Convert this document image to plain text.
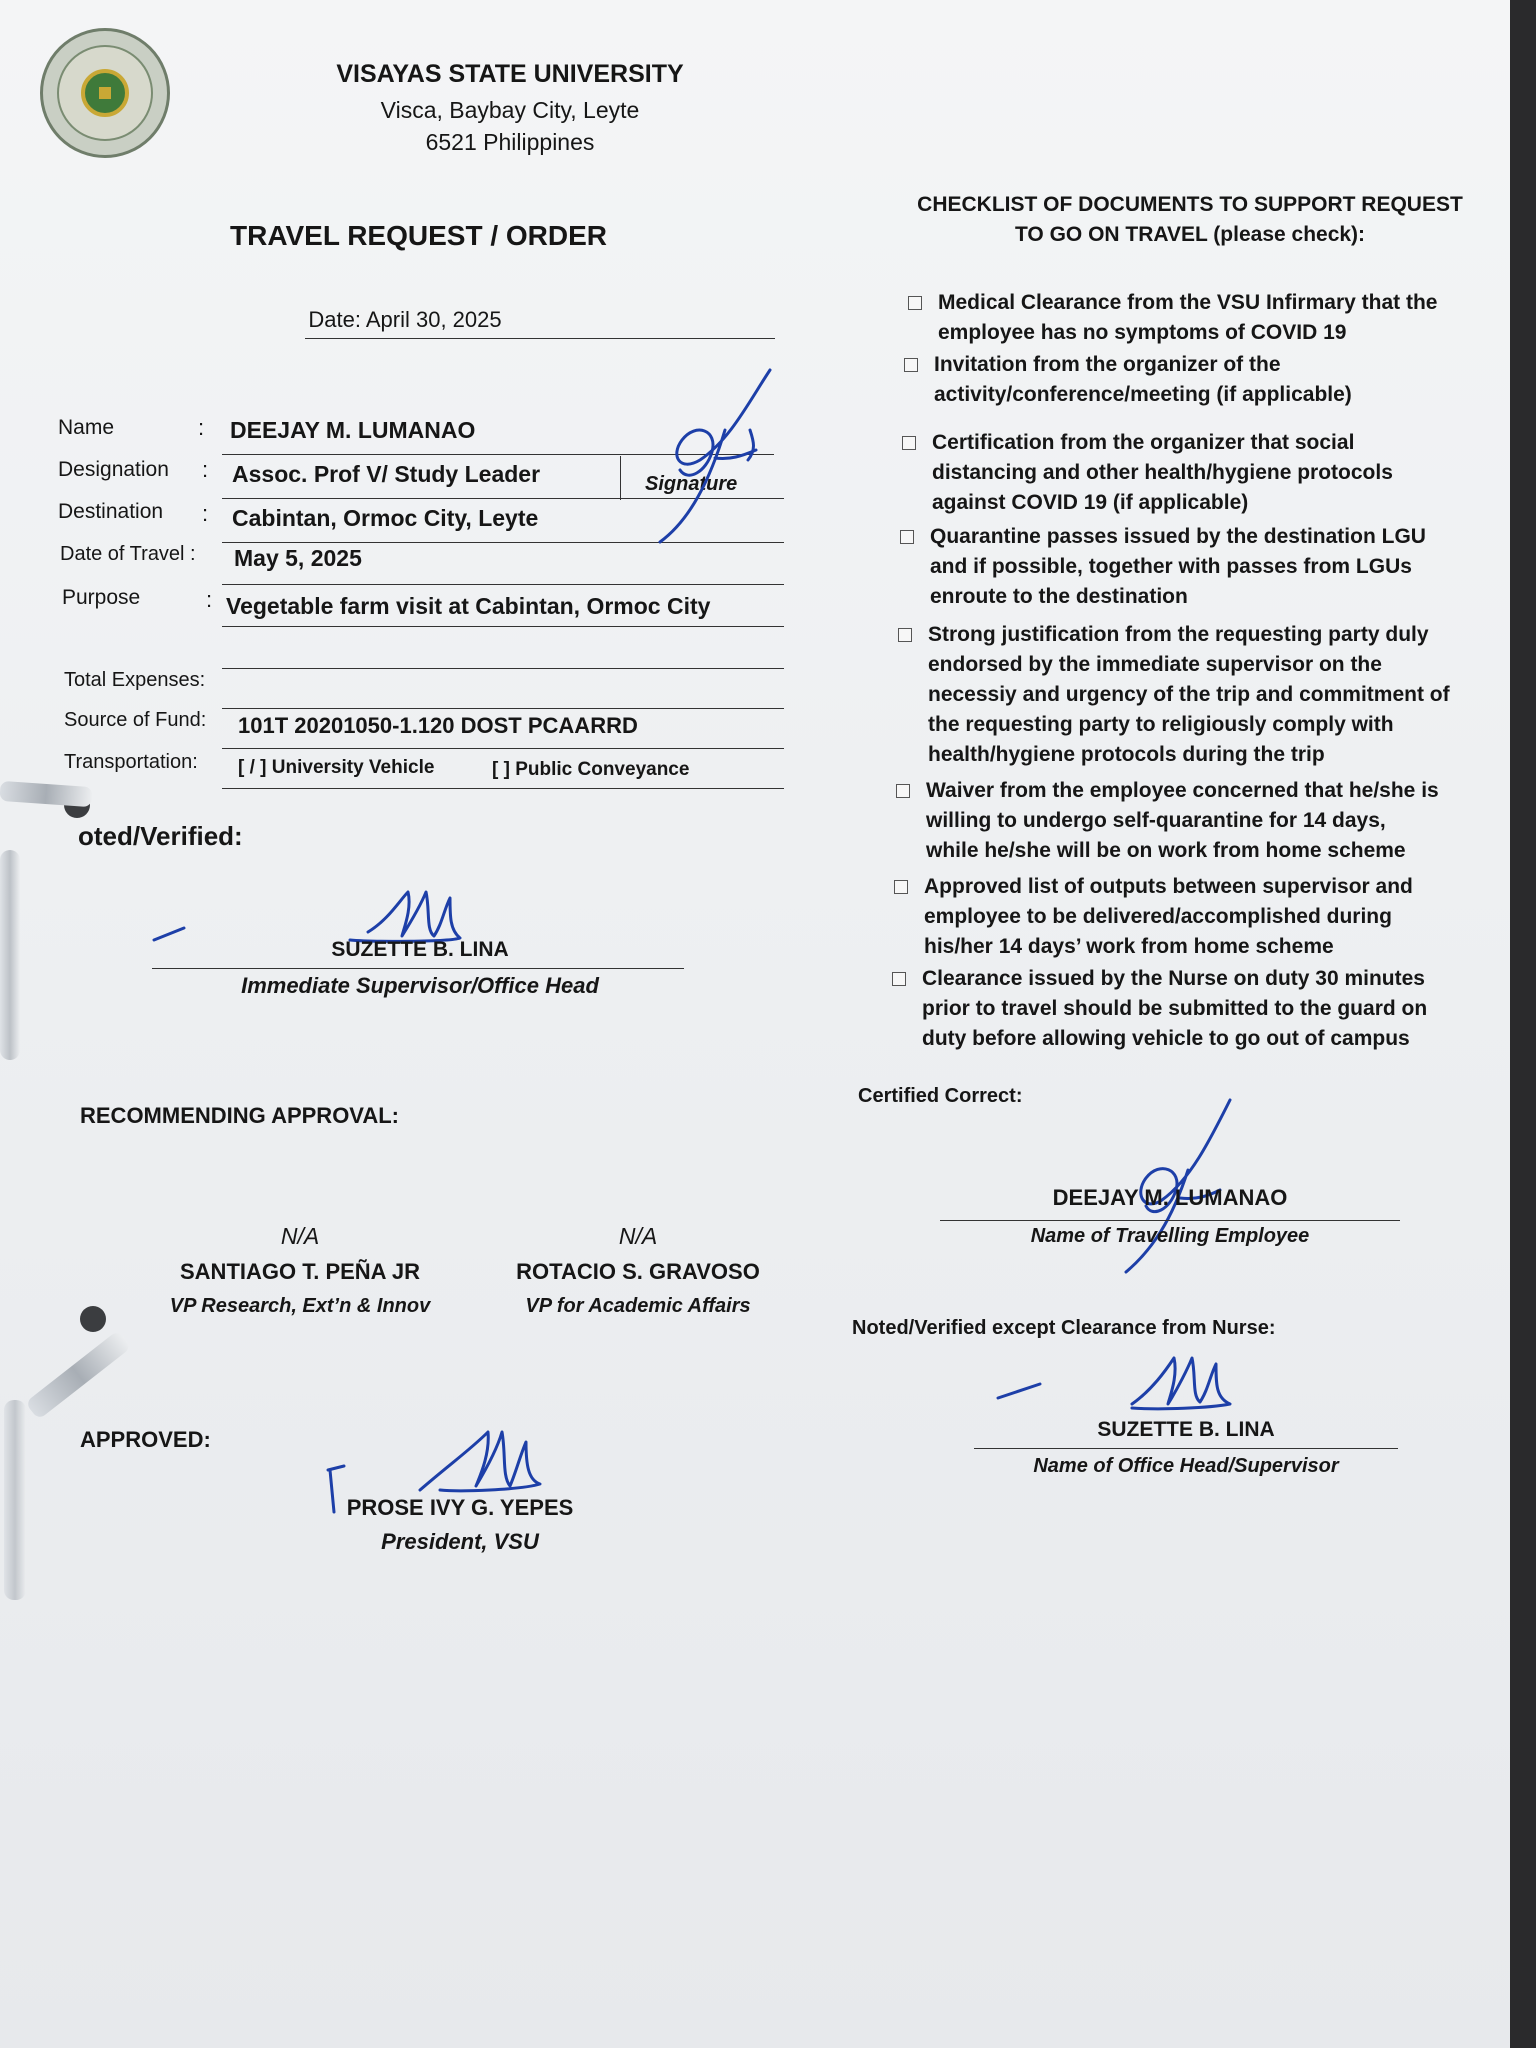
VISAYAS STATE UNIVERSITY
Visca, Baybay City, Leyte
6521 Philippines
TRAVEL REQUEST / ORDER
Date: April 30, 2025
Name	: DEEJAY M. LUMANAO
Designation : Assoc. Prof V/ Study Leader	Signature
Destination : Cabintan, Ormoc City, Leyte
Date of Travel : May 5, 2025
Purpose	: Vegetable farm visit at Cabintan, Ormoc City
Total Expenses:
Source of Fund: 101T 20201050-1.120 DOST PCAARRD
Transportation: [ / ] University Vehicle	[ ] Public Conveyance
oted/Verified:
SUZETTE B. LINA
Immediate Supervisor/Office Head
RECOMMENDING APPROVAL:
N/A
SANTIAGO T. PEÑA JR
VP Research, Ext’n & Innov
N/A
ROTACIO S. GRAVOSO
VP for Academic Affairs
APPROVED:
PROSE IVY G. YEPES
President, VSU
CHECKLIST OF DOCUMENTS TO SUPPORT REQUEST
TO GO ON TRAVEL (please check):
Medical Clearance from the VSU Infirmary that the
employee has no symptoms of COVID 19
Invitation from the organizer of the
activity/conference/meeting (if applicable)
Certification from the organizer that social
distancing and other health/hygiene protocols
against COVID 19 (if applicable)
Quarantine passes issued by the destination LGU
and if possible, together with passes from LGUs
enroute to the destination
Strong justification from the requesting party duly
endorsed by the immediate supervisor on the
necessiy and urgency of the trip and commitment of
the requesting party to religiously comply with
health/hygiene protocols during the trip
Waiver from the employee concerned that he/she is
willing to undergo self-quarantine for 14 days,
while he/she will be on work from home scheme
Approved list of outputs between supervisor and
employee to be delivered/accomplished during
his/her 14 days’ work from home scheme
Clearance issued by the Nurse on duty 30 minutes
prior to travel should be submitted to the guard on
duty before allowing vehicle to go out of campus
Certified Correct:
DEEJAY M. LUMANAO
Name of Travelling Employee
Noted/Verified except Clearance from Nurse:
SUZETTE B. LINA
Name of Office Head/Supervisor
